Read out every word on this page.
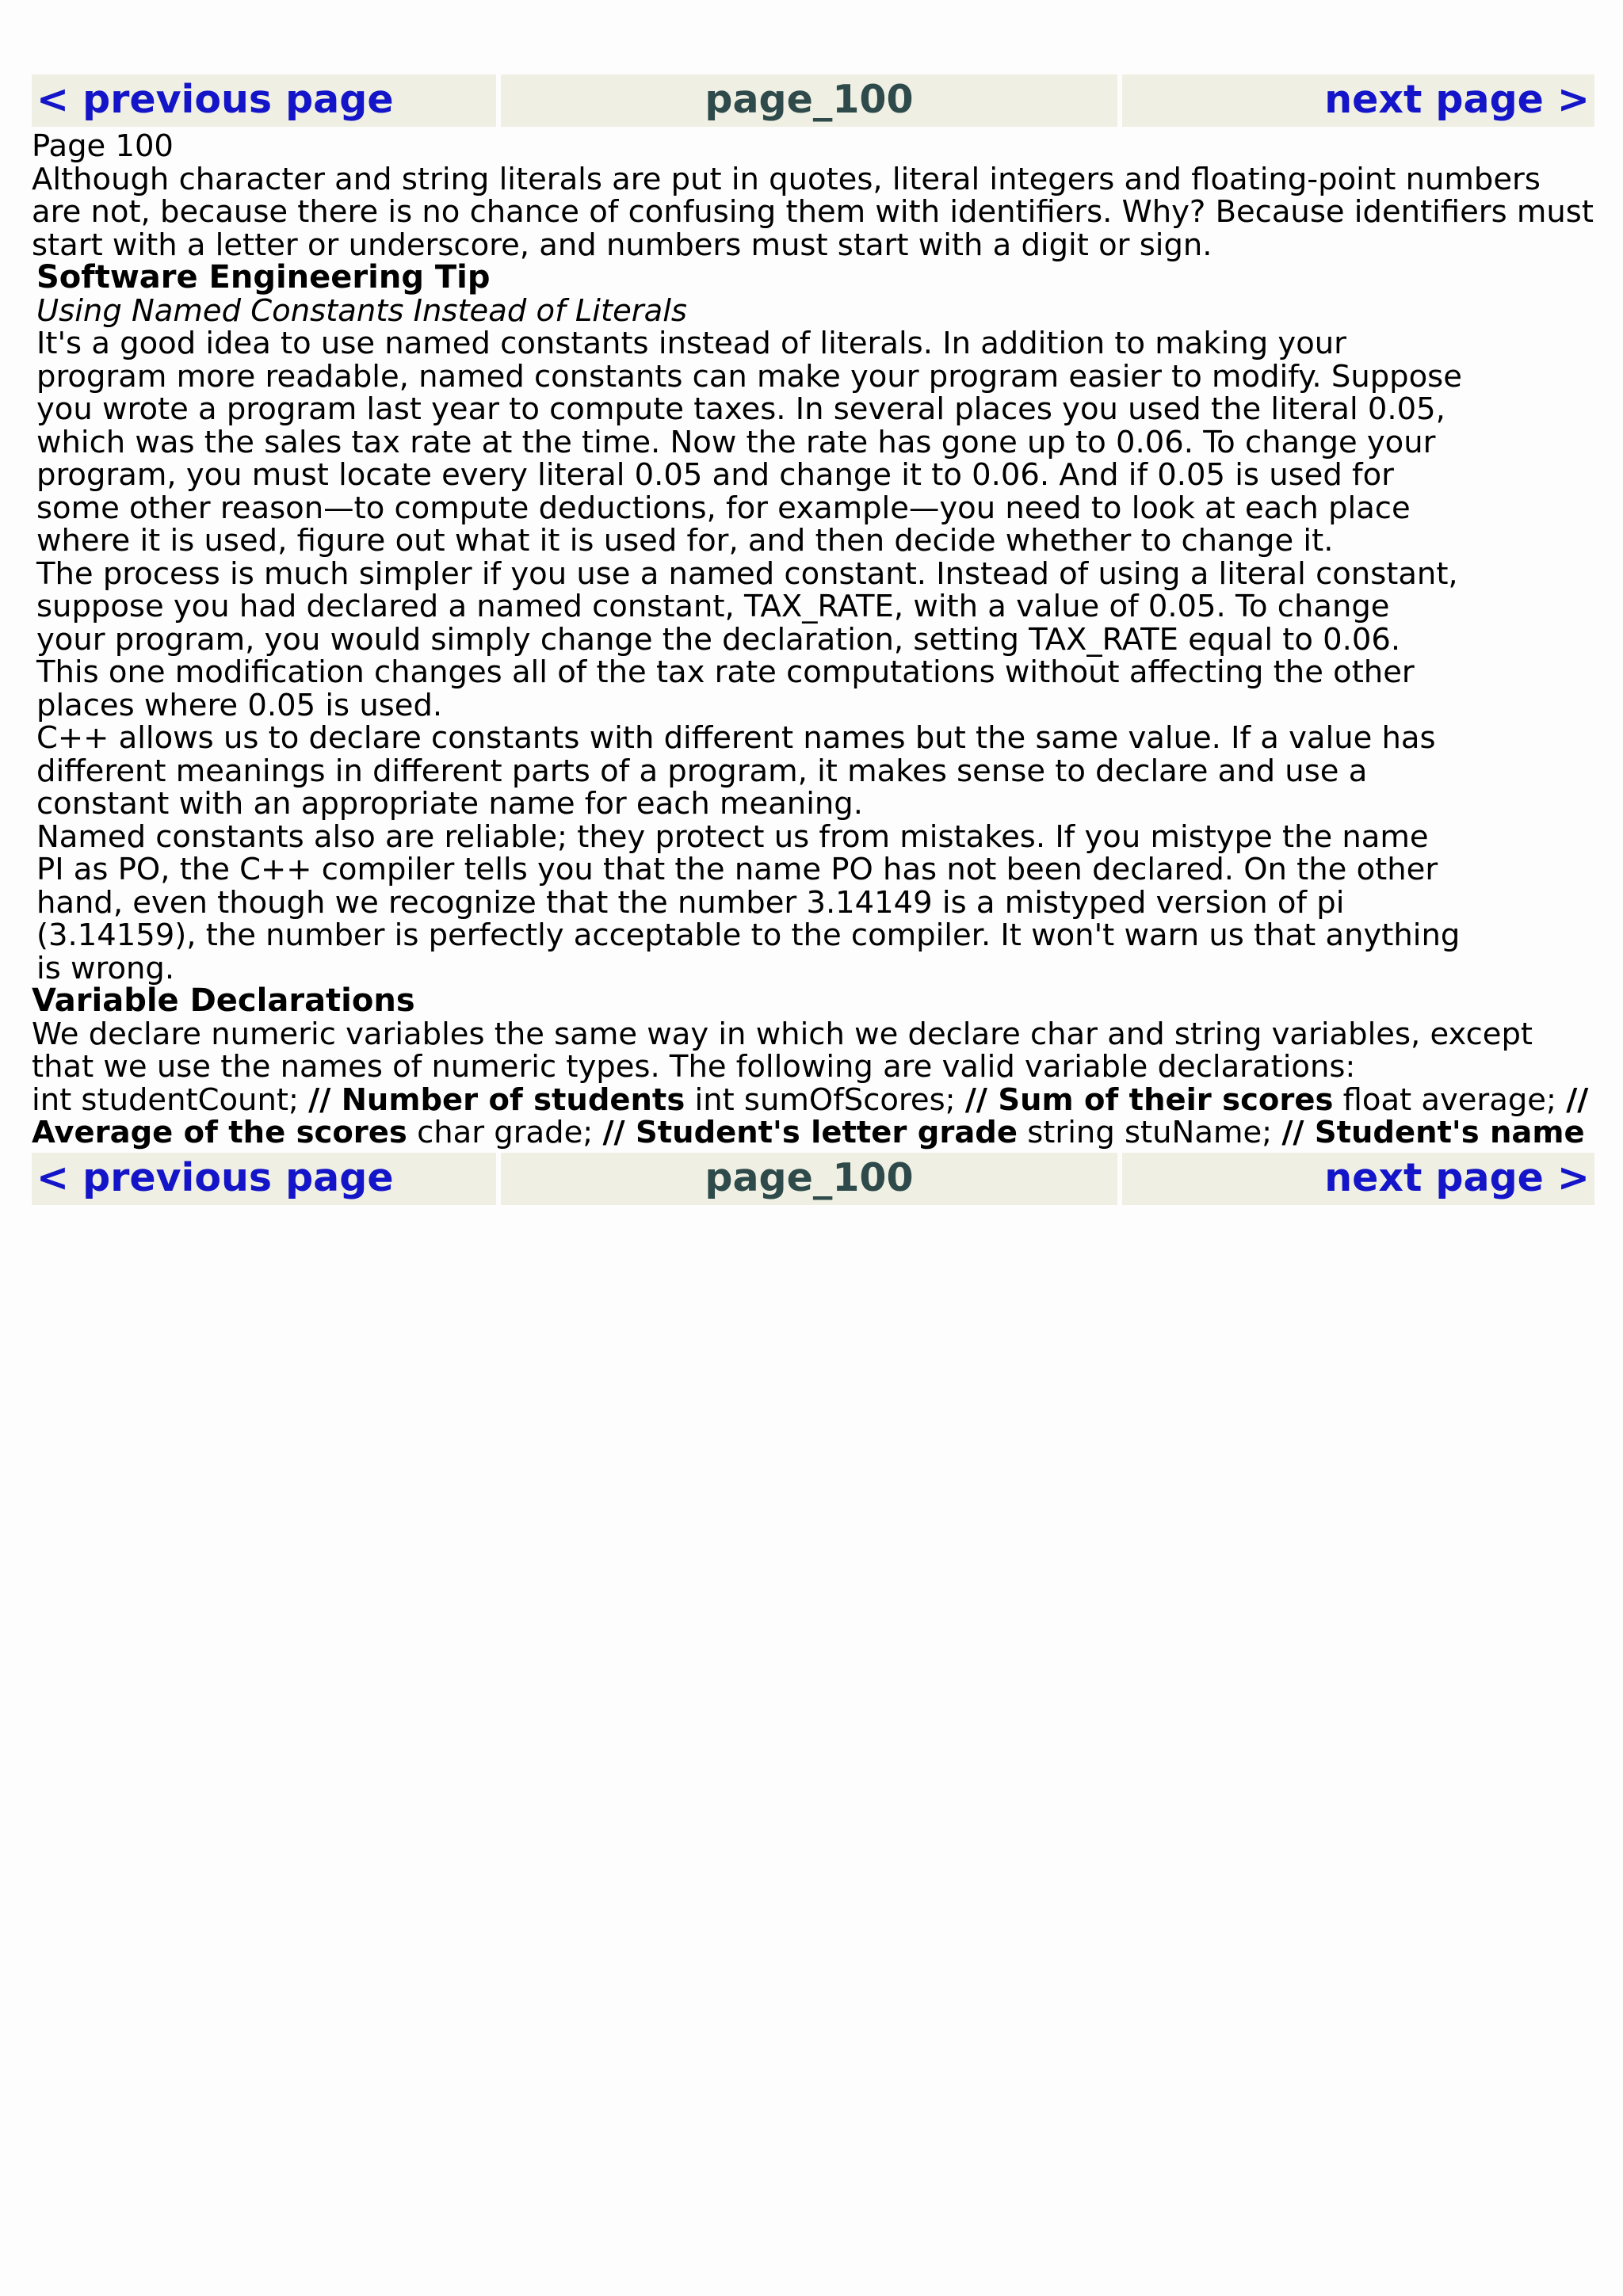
< previous page	page_100	next page >

Page 100

Although character and string literals are put in quotes, literal integers and floating-point numbers are not, because there is no chance of confusing them with identifiers. Why? Because identifiers must start with a letter or underscore, and numbers must start with a digit or sign.

Software Engineering Tip

Using Named Constants Instead of Literals

It's a good idea to use named constants instead of literals. In addition to making your program more readable, named constants can make your program easier to modify. Suppose you wrote a program last year to compute taxes. In several places you used the literal 0.05, which was the sales tax rate at the time. Now the rate has gone up to 0.06. To change your program, you must locate every literal 0.05 and change it to 0.06. And if 0.05 is used for some other reason—to compute deductions, for example—you need to look at each place where it is used, figure out what it is used for, and then decide whether to change it.

The process is much simpler if you use a named constant. Instead of using a literal constant, suppose you had declared a named constant, TAX_RATE, with a value of 0.05. To change your program, you would simply change the declaration, setting TAX_RATE equal to 0.06. This one modification changes all of the tax rate computations without affecting the other places where 0.05 is used.

C++ allows us to declare constants with different names but the same value. If a value has different meanings in different parts of a program, it makes sense to declare and use a constant with an appropriate name for each meaning.

Named constants also are reliable; they protect us from mistakes. If you mistype the name PI as PO, the C++ compiler tells you that the name PO has not been declared. On the other hand, even though we recognize that the number 3.14149 is a mistyped version of pi (3.14159), the number is perfectly acceptable to the compiler. It won't warn us that anything is wrong.

Variable Declarations

We declare numeric variables the same way in which we declare char and string variables, except that we use the names of numeric types. The following are valid variable declarations:

int studentCount; // Number of students int sumOfScores; // Sum of their scores float average; // Average of the scores char grade; // Student's letter grade string stuName; // Student's name

< previous page	page_100	next page >
